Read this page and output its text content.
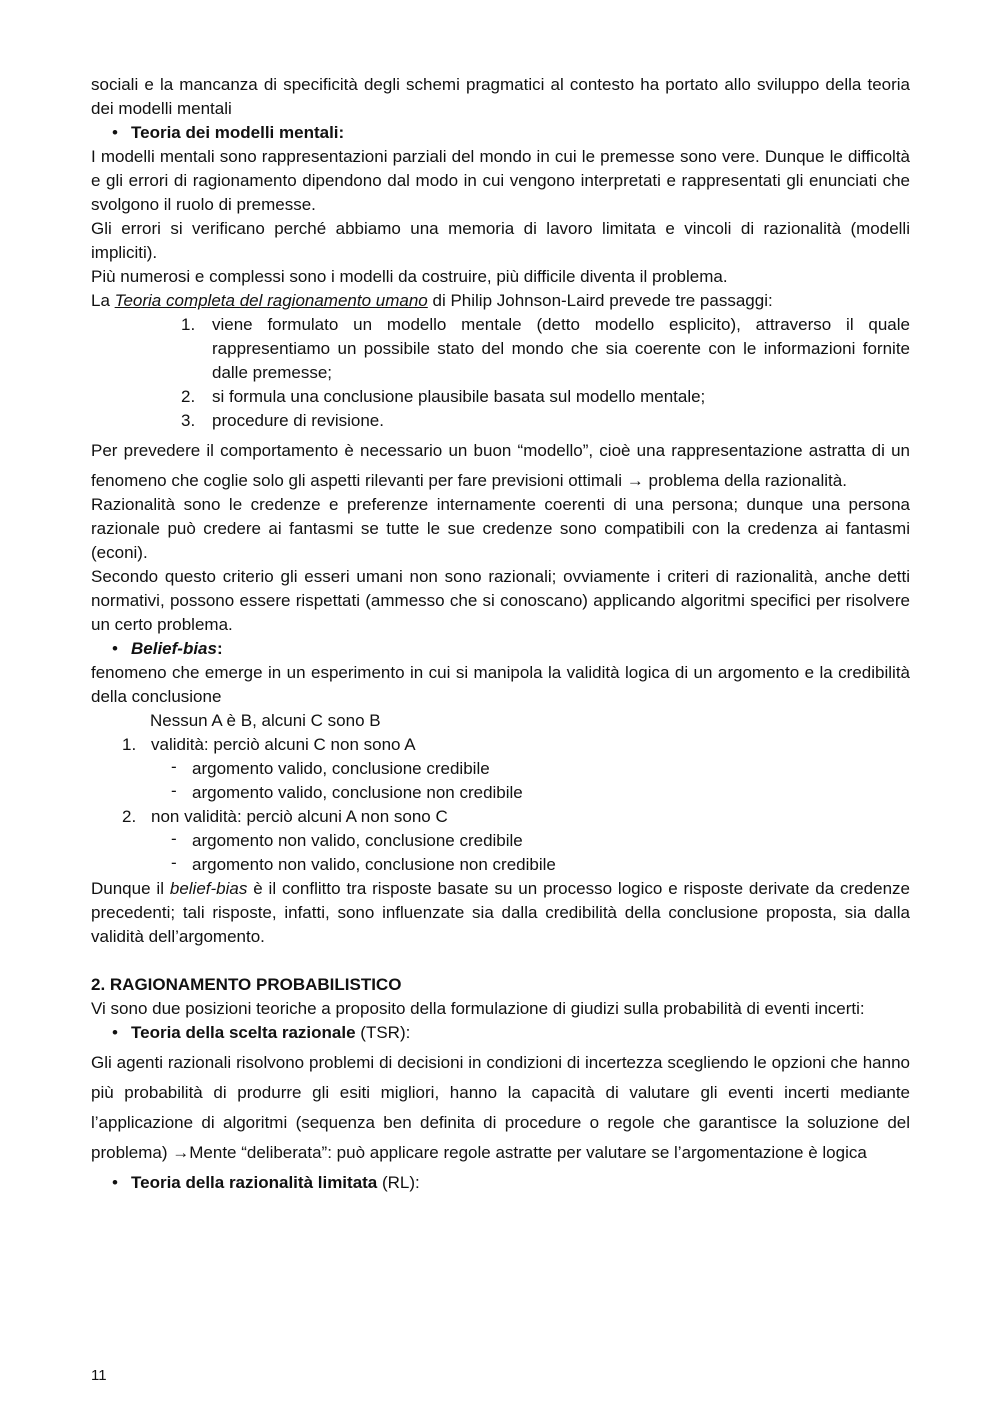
sociali e la mancanza di specificità degli schemi pragmatici al contesto ha portato allo sviluppo della teoria dei modelli mentali

• Teoria dei modelli mentali:

I modelli mentali sono rappresentazioni parziali del mondo in cui le premesse sono vere. Dunque le difficoltà e gli errori di ragionamento dipendono dal modo in cui vengono interpretati e rappresentati gli enunciati che svolgono il ruolo di premesse.

Gli errori si verificano perché abbiamo una memoria di lavoro limitata e vincoli di razionalità (modelli impliciti).

Più numerosi e complessi sono i modelli da costruire, più difficile diventa il problema.

La Teoria completa del ragionamento umano di Philip Johnson-Laird prevede tre passaggi:

1. viene formulato un modello mentale (detto modello esplicito), attraverso il quale rappresentiamo un possibile stato del mondo che sia coerente con le informazioni fornite dalle premesse;
2. si formula una conclusione plausibile basata sul modello mentale;
3. procedure di revisione.

Per prevedere il comportamento è necessario un buon “modello”, cioè una rappresentazione astratta di un fenomeno che coglie solo gli aspetti rilevanti per fare previsioni ottimali → problema della razionalità.

Razionalità sono le credenze e preferenze internamente coerenti di una persona; dunque una persona razionale può credere ai fantasmi se tutte le sue credenze sono compatibili con la credenza ai fantasmi (econi).

Secondo questo criterio gli esseri umani non sono razionali; ovviamente i criteri di razionalità, anche detti normativi, possono essere rispettati (ammesso che si conoscano) applicando algoritmi specifici per risolvere un certo problema.

• Belief-bias:

fenomeno che emerge in un esperimento in cui si manipola la validità logica di un argomento e la credibilità della conclusione

Nessun A è B, alcuni C sono B

1. validità: perciò alcuni C non sono A

- argomento valido, conclusione credibile

- argomento valido, conclusione non credibile

2. non validità: perciò alcuni A non sono C

- argomento non valido, conclusione credibile

- argomento non valido, conclusione non credibile

Dunque il belief-bias è il conflitto tra risposte basate su un processo logico e risposte derivate da credenze precedenti; tali risposte, infatti, sono influenzate sia dalla credibilità della conclusione proposta, sia dalla validità dell’argomento.

2. RAGIONAMENTO PROBABILISTICO

Vi sono due posizioni teoriche a proposito della formulazione di giudizi sulla probabilità di eventi incerti:

• Teoria della scelta razionale (TSR):

Gli agenti razionali risolvono problemi di decisioni in condizioni di incertezza scegliendo le opzioni che hanno più probabilità di produrre gli esiti migliori, hanno la capacità di valutare gli eventi incerti mediante l’applicazione di algoritmi (sequenza ben definita di procedure o regole che garantisce la soluzione del problema) →Mente “deliberata”: può applicare regole astratte per valutare se l’argomentazione è logica

• Teoria della razionalità limitata (RL):

11
